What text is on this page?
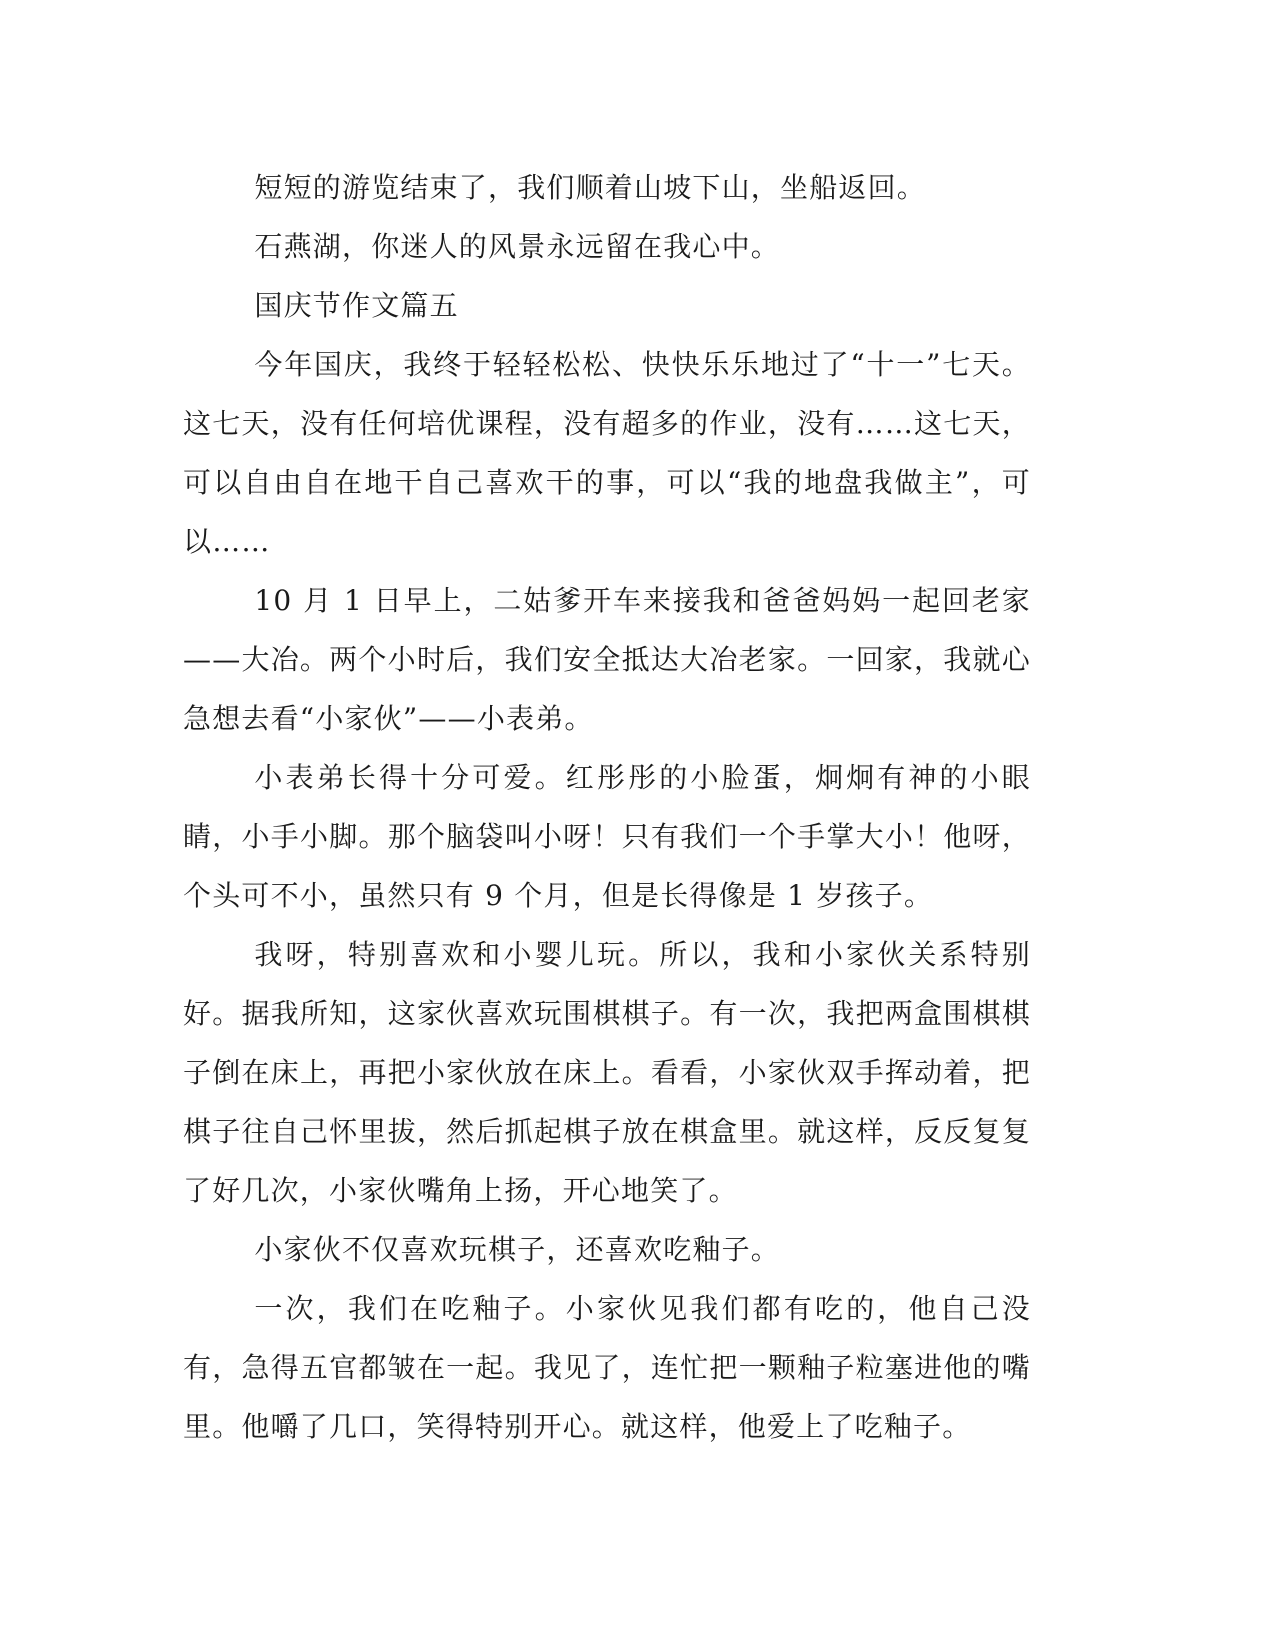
短短的游览结束了，我们顺着山坡下山，坐船返回。

石燕湖，你迷人的风景永远留在我心中。

国庆节作文篇五

今年国庆，我终于轻轻松松、快快乐乐地过了“十一”七天。这七天，没有任何培优课程，没有超多的作业，没有……这七天，可以自由自在地干自己喜欢干的事，可以“我的地盘我做主”，可以……

10 月 1 日早上，二姑爹开车来接我和爸爸妈妈一起回老家——大冶。两个小时后，我们安全抵达大冶老家。一回家，我就心急想去看“小家伙”——小表弟。

小表弟长得十分可爱。红彤彤的小脸蛋，炯炯有神的小眼睛，小手小脚。那个脑袋叫小呀！只有我们一个手掌大小！他呀，个头可不小，虽然只有 9 个月，但是长得像是 1 岁孩子。

我呀，特别喜欢和小婴儿玩。所以，我和小家伙关系特别好。据我所知，这家伙喜欢玩围棋棋子。有一次，我把两盒围棋棋子倒在床上，再把小家伙放在床上。看看，小家伙双手挥动着，把棋子往自己怀里拔，然后抓起棋子放在棋盒里。就这样，反反复复了好几次，小家伙嘴角上扬，开心地笑了。

小家伙不仅喜欢玩棋子，还喜欢吃釉子。

一次，我们在吃釉子。小家伙见我们都有吃的，他自己没有，急得五官都皱在一起。我见了，连忙把一颗釉子粒塞进他的嘴里。他嚼了几口，笑得特别开心。就这样，他爱上了吃釉子。
